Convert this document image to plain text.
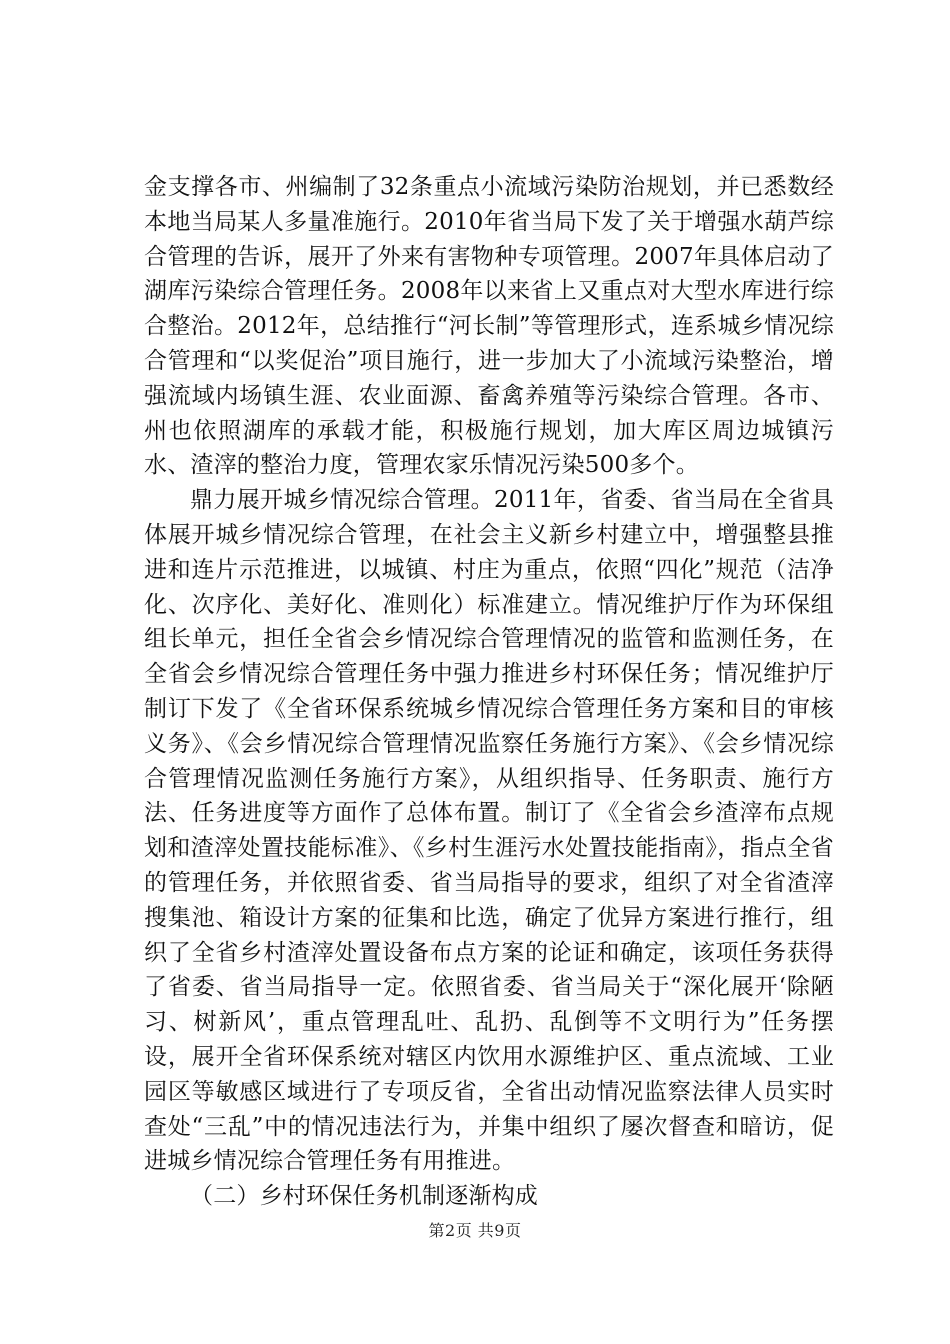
金支撑各市、州编制了32条重点小流域污染防治规划，并已悉数经本地当局某人多量准施行。2010年省当局下发了关于增强水葫芦综合管理的告诉，展开了外来有害物种专项管理。2007年具体启动了湖库污染综合管理任务。2008年以来省上又重点对大型水库进行综合整治。2012年，总结推行“河长制”等管理形式，连系城乡情况综合管理和“以奖促治”项目施行，进一步加大了小流域污染整治，增强流域内场镇生涯、农业面源、畜禽养殖等污染综合管理。各市、州也依照湖库的承载才能，积极施行规划，加大库区周边城镇污水、渣滓的整治力度，管理农家乐情况污染500多个。

鼎力展开城乡情况综合管理。2011年，省委、省当局在全省具体展开城乡情况综合管理，在社会主义新乡村建立中，增强整县推进和连片示范推进，以城镇、村庄为重点，依照“四化”规范（洁净化、次序化、美好化、准则化）标准建立。情况维护厅作为环保组组长单元，担任全省会乡情况综合管理情况的监管和监测任务，在全省会乡情况综合管理任务中强力推进乡村环保任务；情况维护厅制订下发了《全省环保系统城乡情况综合管理任务方案和目的审核义务》、《会乡情况综合管理情况监察任务施行方案》、《会乡情况综合管理情况监测任务施行方案》，从组织指导、任务职责、施行方法、任务进度等方面作了总体布置。制订了《全省会乡渣滓布点规划和渣滓处置技能标准》、《乡村生涯污水处置技能指南》，指点全省的管理任务，并依照省委、省当局指导的要求，组织了对全省渣滓搜集池、箱设计方案的征集和比选，确定了优异方案进行推行，组织了全省乡村渣滓处置设备布点方案的论证和确定，该项任务获得了省委、省当局指导一定。依照省委、省当局关于“深化展开‘除陋习、树新风’，重点管理乱吐、乱扔、乱倒等不文明行为”任务摆设，展开全省环保系统对辖区内饮用水源维护区、重点流域、工业园区等敏感区域进行了专项反省，全省出动情况监察法律人员实时查处“三乱”中的情况违法行为，并集中组织了屡次督查和暗访，促进城乡情况综合管理任务有用推进。

（二）乡村环保任务机制逐渐构成

第2页 共9页
